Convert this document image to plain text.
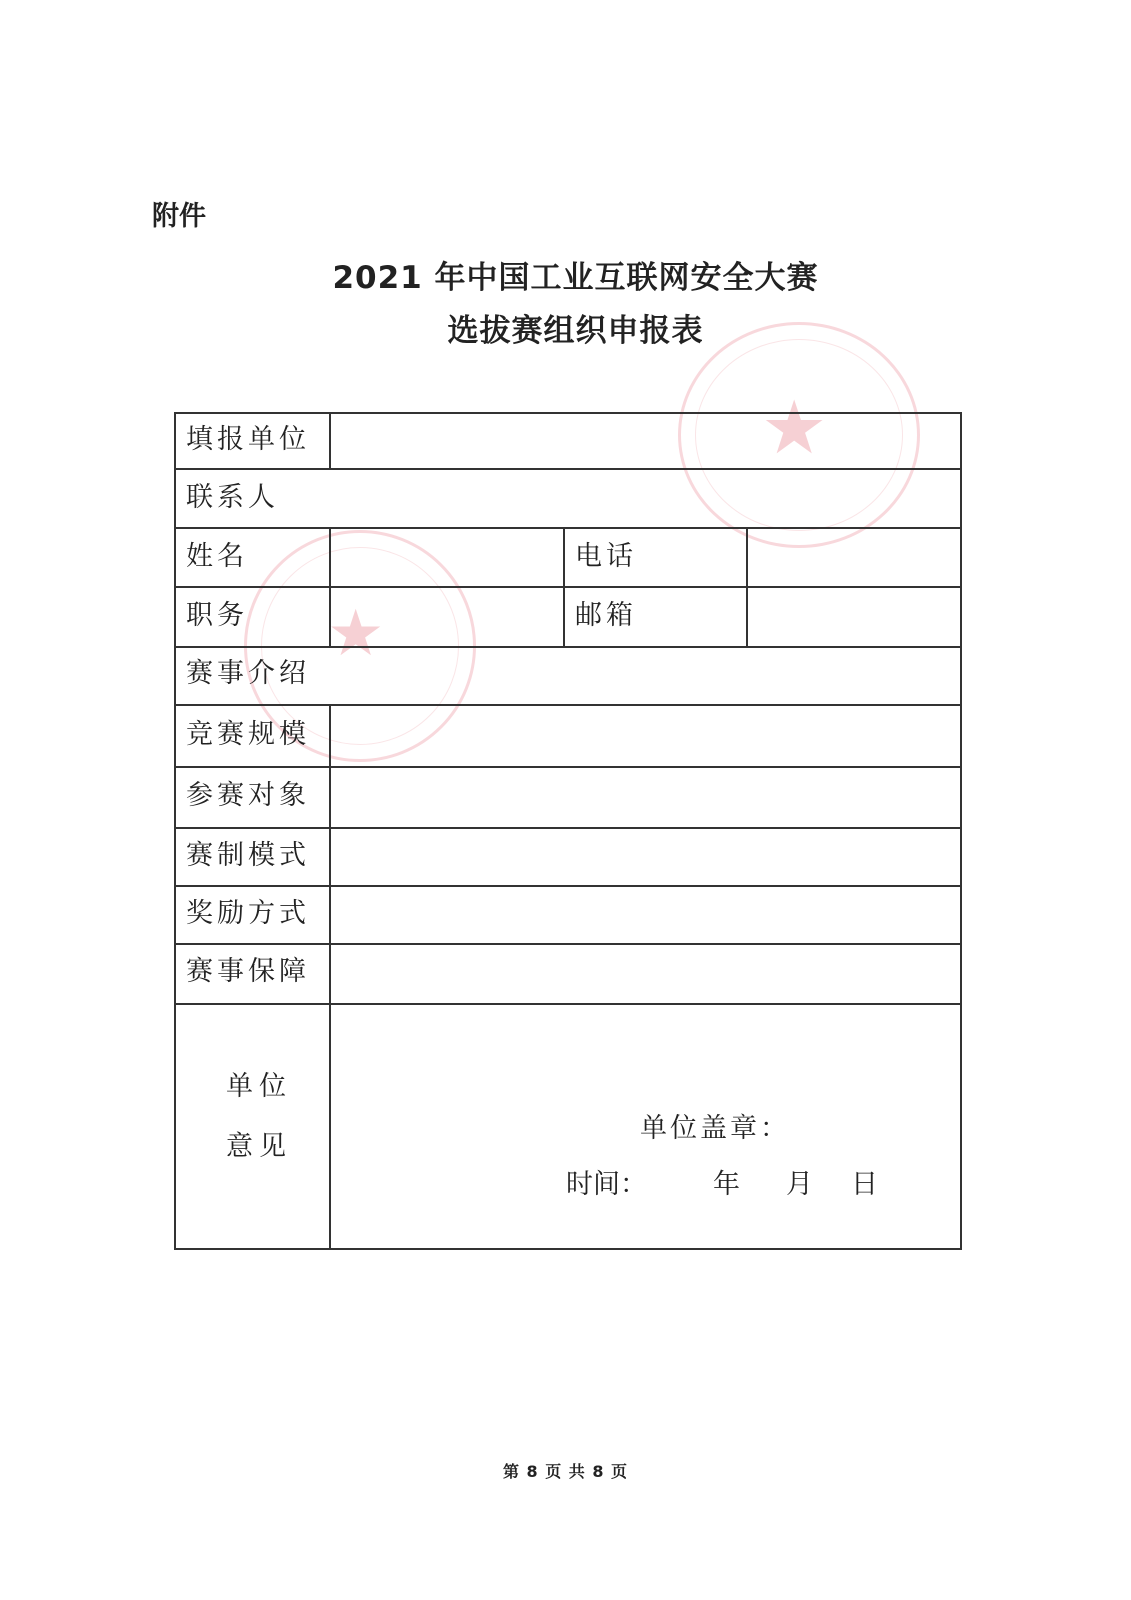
附件
2021 年中国工业互联网安全大赛
选拔赛组织申报表
★
★
填报单位
联系人
姓名	电话
职务	邮箱
赛事介绍
竞赛规模
参赛对象
赛制模式
奖励方式
赛事保障
单位
意见
单位盖章：
时间： 年 月 日
第 8 页 共 8 页
